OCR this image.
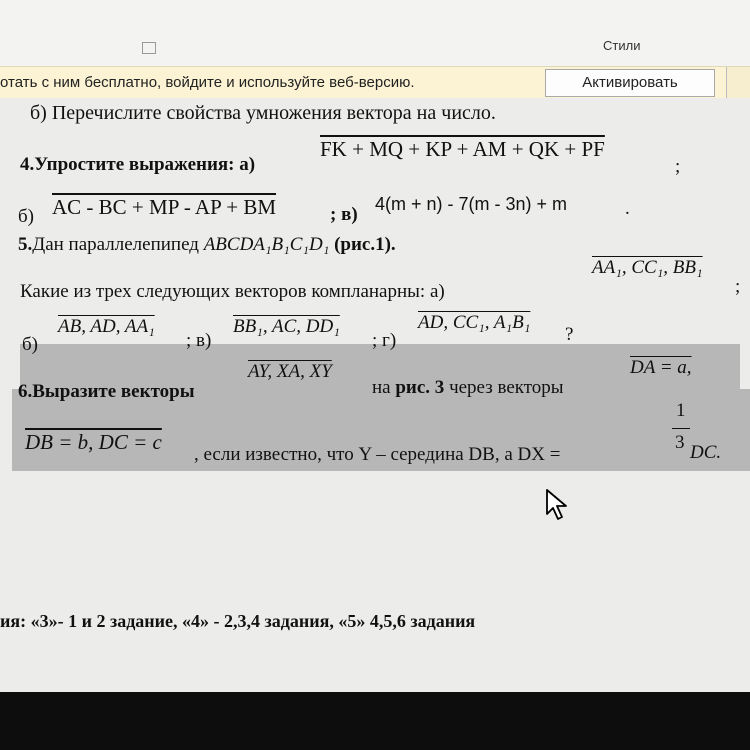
Стили
отать с ним бесплатно, войдите и используйте веб-версию.	Активировать
б) Перечислите свойства умножения вектора на число.
4.Упростите выражения: а)
FK + MQ + KP + AM + QK + PF
;
б) AC - BC + MP - AP + BM	; в) 4(m + n) - 7(m - 3n) + m	.
5.Дан параллелепипед ABCDA₁B₁C₁D₁ (рис.1).
AA₁, CC₁, BB₁
;
Какие из трех следующих векторов компланарны: а)
б)
AB, AD, AA₁
; в)
BB₁, AC, DD₁
; г)
AD, CC₁, A₁B₁
?
AY, XA, XY	DA = a,
6.Выразите векторы	на рис. 3 через векторы
DB = b, DC = c
, если известно, что Y – середина DB, а DX =
1
3 DC.
ия: «3»- 1 и 2 задание, «4» - 2,3,4 задания, «5» 4,5,6 задания
